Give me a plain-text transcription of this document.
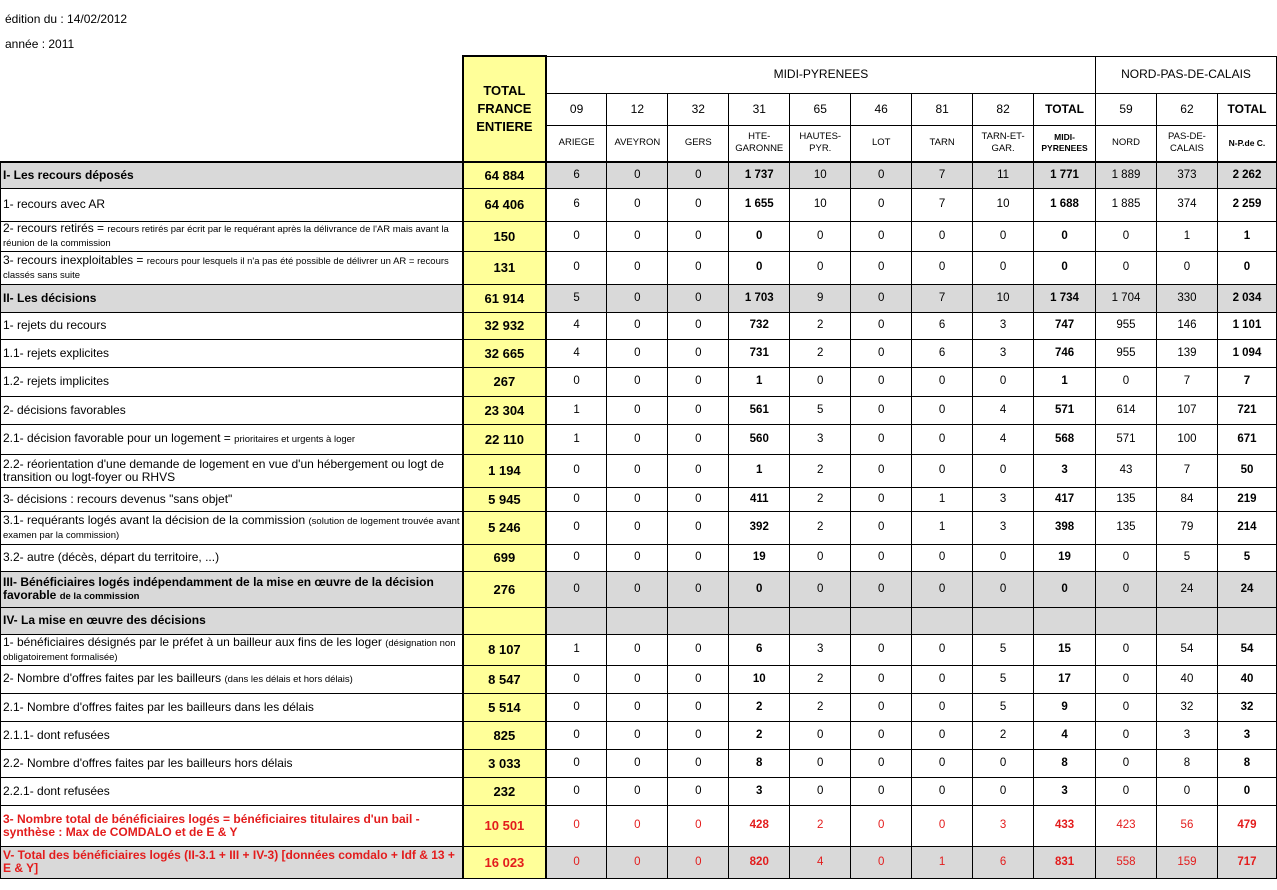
édition du : 14/02/2012
année : 2011
	TOTAL FRANCE ENTIERE	MIDI-PYRENEES									NORD-PAS-DE-CALAIS		
		09	12	32	31	65	46	81	82	TOTAL	59	62	TOTAL
		ARIEGE	AVEYRON	GERS	HTE-GARONNE	HAUTES-PYR.	LOT	TARN	TARN-ET-GAR.	MIDI-PYRENEES	NORD	PAS-DE-CALAIS	N-P.de C.
I- Les recours déposés	64 884	6	0	0	1 737	10	0	7	11	1 771	1 889	373	2 262
1- recours avec AR	64 406	6	0	0	1 655	10	0	7	10	1 688	1 885	374	2 259
2- recours retirés = recours retirés par écrit par le requérant après la délivrance de l'AR mais avant la réunion de la commission	150	0	0	0	0	0	0	0	0	0	0	1	1
3- recours inexploitables = recours pour lesquels il n'a pas été possible de délivrer un AR = recours classés sans suite	131	0	0	0	0	0	0	0	0	0	0	0	0
II- Les décisions	61 914	5	0	0	1 703	9	0	7	10	1 734	1 704	330	2 034
1- rejets du recours	32 932	4	0	0	732	2	0	6	3	747	955	146	1 101
1.1- rejets explicites	32 665	4	0	0	731	2	0	6	3	746	955	139	1 094
1.2- rejets implicites	267	0	0	0	1	0	0	0	0	1	0	7	7
2- décisions favorables	23 304	1	0	0	561	5	0	0	4	571	614	107	721
2.1- décision favorable pour un logement = prioritaires et urgents à loger	22 110	1	0	0	560	3	0	0	4	568	571	100	671
2.2- réorientation d'une demande de logement en vue d'un hébergement ou logt de transition ou logt-foyer ou RHVS	1 194	0	0	0	1	2	0	0	0	3	43	7	50
3- décisions : recours devenus "sans objet"	5 945	0	0	0	411	2	0	1	3	417	135	84	219
3.1- requérants logés avant la décision de la commission (solution de logement trouvée avant examen par la commission)	5 246	0	0	0	392	2	0	1	3	398	135	79	214
3.2- autre (décès, départ du territoire, ...)	699	0	0	0	19	0	0	0	0	19	0	5	5
III- Bénéficiaires logés indépendamment de la mise en œuvre de la décision favorable de la commission	276	0	0	0	0	0	0	0	0	0	0	24	24
IV- La mise en œuvre des décisions													
1- bénéficiaires désignés par le préfet à un bailleur aux fins de les loger (désignation non obligatoirement formalisée)	8 107	1	0	0	6	3	0	0	5	15	0	54	54
2- Nombre d'offres faites par les bailleurs (dans les délais et hors délais)	8 547	0	0	0	10	2	0	0	5	17	0	40	40
2.1- Nombre d'offres faites par les bailleurs dans les délais	5 514	0	0	0	2	2	0	0	5	9	0	32	32
2.1.1- dont refusées	825	0	0	0	2	0	0	0	2	4	0	3	3
2.2- Nombre d'offres faites par les bailleurs hors délais	3 033	0	0	0	8	0	0	0	0	8	0	8	8
2.2.1- dont refusées	232	0	0	0	3	0	0	0	0	3	0	0	0
3- Nombre total de bénéficiaires logés = bénéficiaires titulaires d'un bail - synthèse : Max de COMDALO et de E & Y	10 501	0	0	0	428	2	0	0	3	433	423	56	479
V- Total des bénéficiaires logés (II-3.1 + III + IV-3) [données comdalo + Idf & 13 + E & Y]	16 023	0	0	0	820	4	0	1	6	831	558	159	717
